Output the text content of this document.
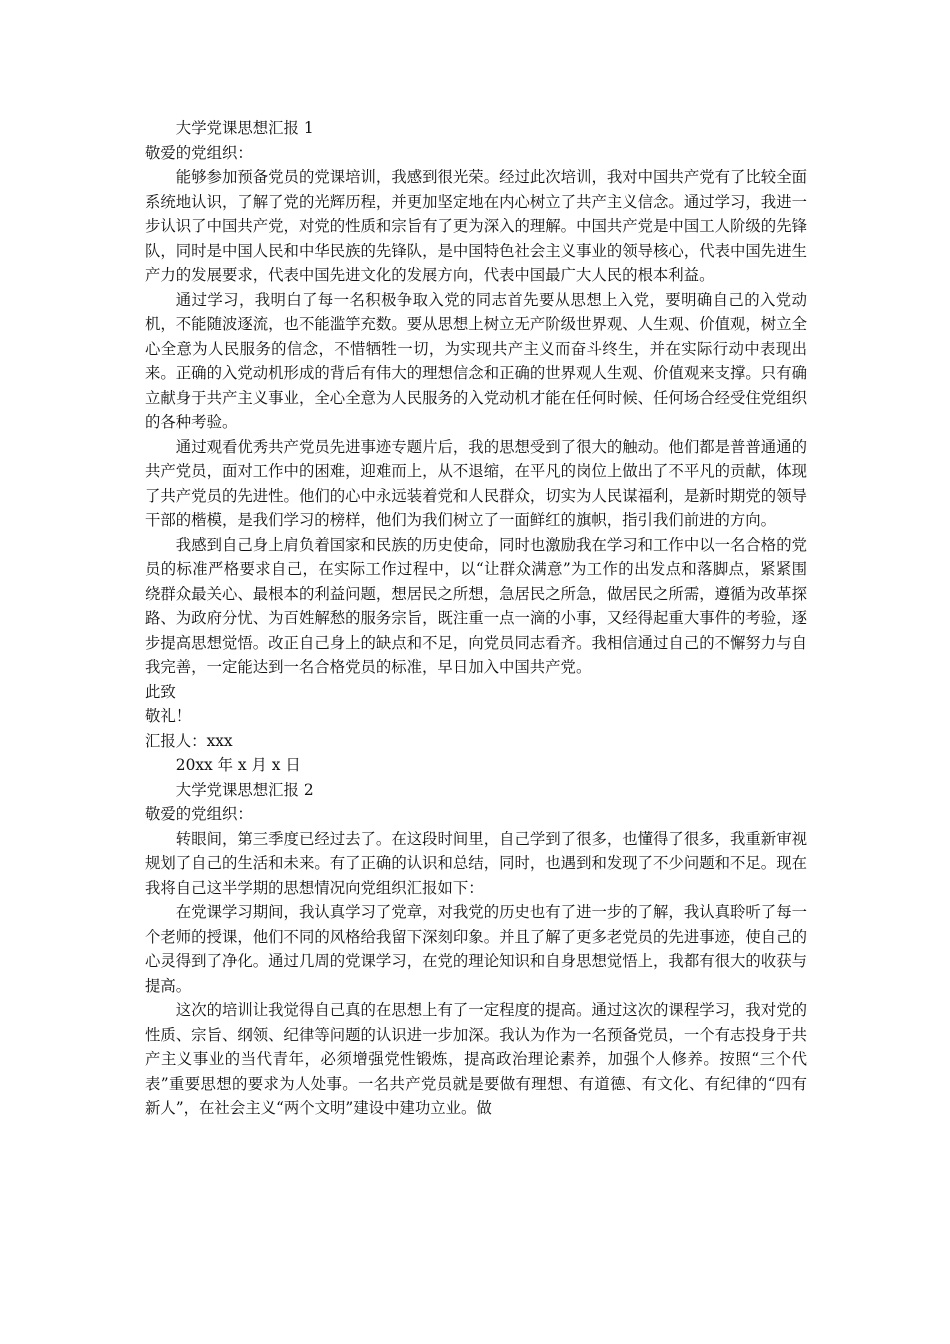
大学党课思想汇报 1
敬爱的党组织：

能够参加预备党员的党课培训，我感到很光荣。经过此次培训，我对中国共产党有了比较全面系统地认识，了解了党的光辉历程，并更加坚定地在内心树立了共产主义信念。通过学习，我进一步认识了中国共产党，对党的性质和宗旨有了更为深入的理解。中国共产党是中国工人阶级的先锋队，同时是中国人民和中华民族的先锋队，是中国特色社会主义事业的领导核心，代表中国先进生产力的发展要求，代表中国先进文化的发展方向，代表中国最广大人民的根本利益。

通过学习，我明白了每一名积极争取入党的同志首先要从思想上入党，要明确自己的入党动机，不能随波逐流，也不能滥竽充数。要从思想上树立无产阶级世界观、人生观、价值观，树立全心全意为人民服务的信念，不惜牺牲一切，为实现共产主义而奋斗终生，并在实际行动中表现出来。正确的入党动机形成的背后有伟大的理想信念和正确的世界观人生观、价值观来支撑。只有确立献身于共产主义事业，全心全意为人民服务的入党动机才能在任何时候、任何场合经受住党组织的各种考验。

通过观看优秀共产党员先进事迹专题片后，我的思想受到了很大的触动。他们都是普普通通的共产党员，面对工作中的困难，迎难而上，从不退缩，在平凡的岗位上做出了不平凡的贡献，体现了共产党员的先进性。他们的心中永远装着党和人民群众，切实为人民谋福利，是新时期党的领导干部的楷模，是我们学习的榜样，他们为我们树立了一面鲜红的旗帜，指引我们前进的方向。

我感到自己身上肩负着国家和民族的历史使命，同时也激励我在学习和工作中以一名合格的党员的标准严格要求自己，在实际工作过程中，以“让群众满意”为工作的出发点和落脚点，紧紧围绕群众最关心、最根本的利益问题，想居民之所想，急居民之所急，做居民之所需，遵循为改革探路、为政府分忧、为百姓解愁的服务宗旨，既注重一点一滴的小事，又经得起重大事件的考验，逐步提高思想觉悟。改正自己身上的缺点和不足，向党员同志看齐。我相信通过自己的不懈努力与自我完善，一定能达到一名合格党员的标准，早日加入中国共产党。

此致
敬礼！
汇报人：xxx
20xx 年 x 月 x 日
大学党课思想汇报 2
敬爱的党组织：

转眼间，第三季度已经过去了。在这段时间里，自己学到了很多，也懂得了很多，我重新审视规划了自己的生活和未来。有了正确的认识和总结，同时，也遇到和发现了不少问题和不足。现在我将自己这半学期的思想情况向党组织汇报如下：

在党课学习期间，我认真学习了党章，对我党的历史也有了进一步的了解，我认真聆听了每一个老师的授课，他们不同的风格给我留下深刻印象。并且了解了更多老党员的先进事迹，使自己的心灵得到了净化。通过几周的党课学习，在党的理论知识和自身思想觉悟上，我都有很大的收获与提高。

这次的培训让我觉得自己真的在思想上有了一定程度的提高。通过这次的课程学习，我对党的性质、宗旨、纲领、纪律等问题的认识进一步加深。我认为作为一名预备党员，一个有志投身于共产主义事业的当代青年，必须增强党性锻炼，提高政治理论素养，加强个人修养。按照“三个代表”重要思想的要求为人处事。一名共产党员就是要做有理想、有道德、有文化、有纪律的“四有新人”，在社会主义“两个文明”建设中建功立业。做
